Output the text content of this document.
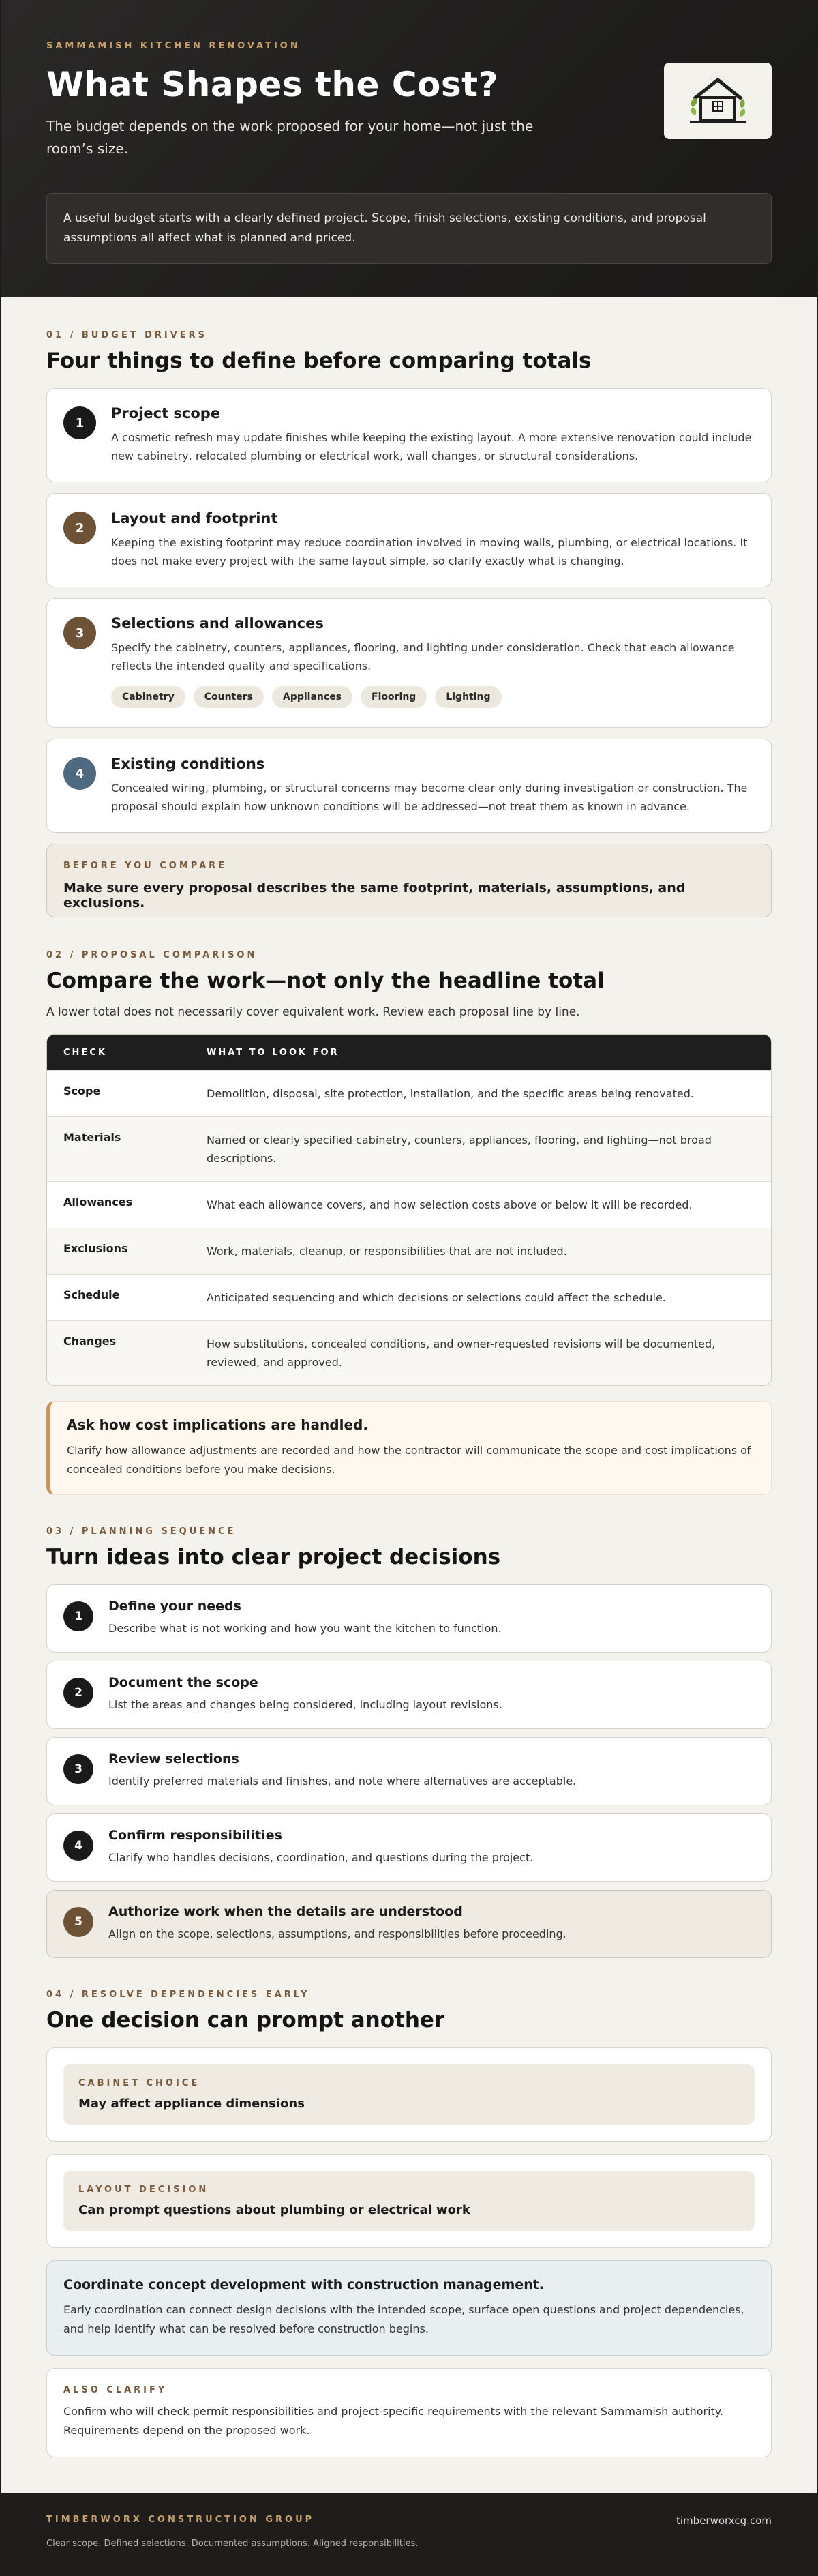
SAMMAMISH KITCHEN RENOVATION
What Shapes the Cost?
The budget depends on the work proposed for your home—not just the room’s size.
A useful budget starts with a clearly defined project. Scope, finish selections, existing conditions, and proposal assumptions all affect what is planned and priced.
01 / BUDGET DRIVERS
Four things to define before comparing totals
1
Project scope

A cosmetic refresh may update finishes while keeping the existing layout. A more extensive renovation could include new cabinetry, relocated plumbing or electrical work, wall changes, or structural considerations.

2
Layout and footprint

Keeping the existing footprint may reduce coordination involved in moving walls, plumbing, or electrical locations. It does not make every project with the same layout simple, so clarify exactly what is changing.

3
Selections and allowances

Specify the cabinetry, counters, appliances, flooring, and lighting under consideration. Check that each allowance reflects the intended quality and specifications.

Cabinetry	Counters	Appliances	Flooring	Lighting
4
Existing conditions

Concealed wiring, plumbing, or structural concerns may become clear only during investigation or construction. The proposal should explain how unknown conditions will be addressed—not treat them as known in advance.

BEFORE YOU COMPARE
Make sure every proposal describes the same footprint, materials, assumptions, and exclusions.
02 / PROPOSAL COMPARISON
Compare the work—not only the headline total
A lower total does not necessarily cover equivalent work. Review each proposal line by line.
CHECK	WHAT TO LOOK FOR
Scope	Demolition, disposal, site protection, installation, and the specific areas being renovated.
Materials	Named or clearly specified cabinetry, counters, appliances, flooring, and lighting—not broad descriptions.
Allowances	What each allowance covers, and how selection costs above or below it will be recorded.
Exclusions	Work, materials, cleanup, or responsibilities that are not included.
Schedule	Anticipated sequencing and which decisions or selections could affect the schedule.
Changes	How substitutions, concealed conditions, and owner-requested revisions will be documented, reviewed, and approved.
Ask how cost implications are handled.

Clarify how allowance adjustments are recorded and how the contractor will communicate the scope and cost implications of concealed conditions before you make decisions.

03 / PLANNING SEQUENCE
Turn ideas into clear project decisions
1
Define your needs

Describe what is not working and how you want the kitchen to function.

2
Document the scope

List the areas and changes being considered, including layout revisions.

3
Review selections

Identify preferred materials and finishes, and note where alternatives are acceptable.

4
Confirm responsibilities

Clarify who handles decisions, coordination, and questions during the project.

5
Authorize work when the details are understood

Align on the scope, selections, assumptions, and responsibilities before proceeding.

04 / RESOLVE DEPENDENCIES EARLY
One decision can prompt another
CABINET CHOICE
May affect appliance dimensions
LAYOUT DECISION
Can prompt questions about plumbing or electrical work
Coordinate concept development with construction management.

Early coordination can connect design decisions with the intended scope, surface open questions and project dependencies, and help identify what can be resolved before construction begins.

ALSO CLARIFY

Confirm who will check permit responsibilities and project-specific requirements with the relevant Sammamish authority. Requirements depend on the proposed work.

TIMBERWORX CONSTRUCTION GROUP	timberworxcg.com
Clear scope. Defined selections. Documented assumptions. Aligned responsibilities.
